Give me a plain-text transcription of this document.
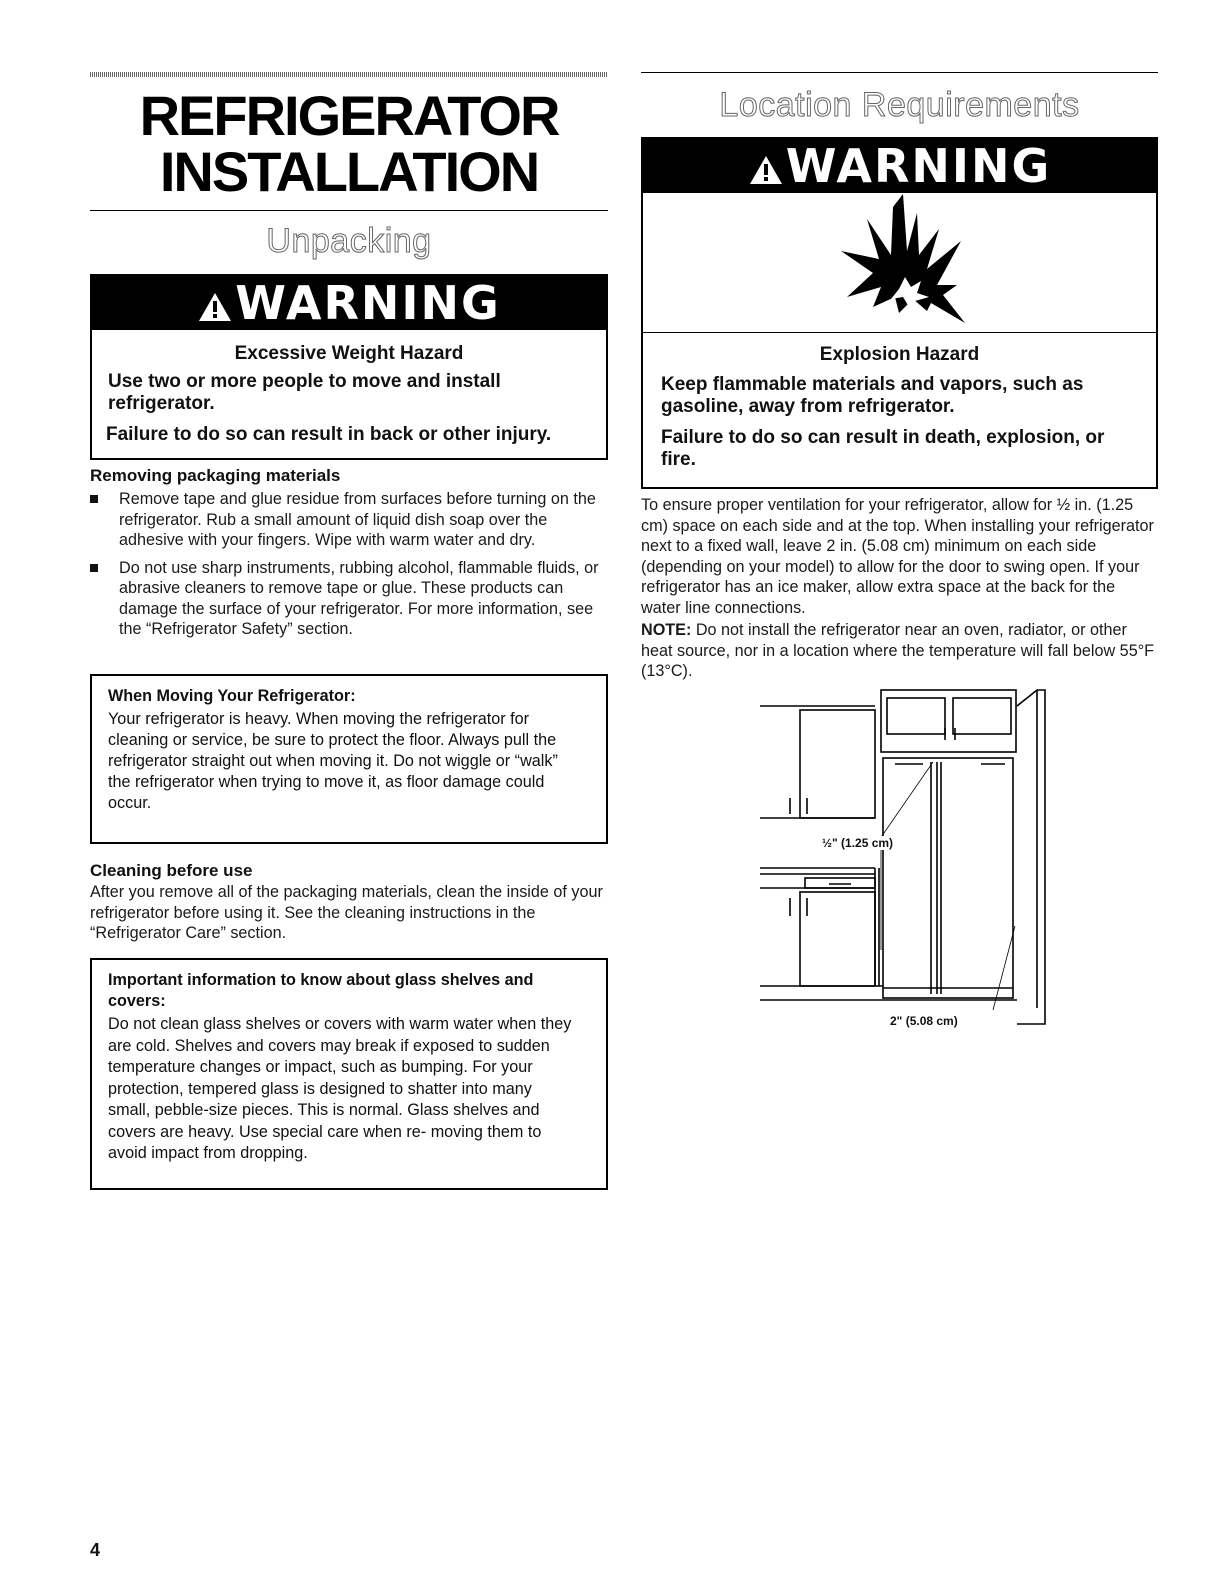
REFRIGERATOR
INSTALLATION
Unpacking
WARNING
Excessive Weight Hazard
Use two or more people to move and install refrigerator.
Failure to do so can result in back or other injury.
Removing packaging materials
Remove tape and glue residue from surfaces before turning on the refrigerator. Rub a small amount of liquid dish soap over the adhesive with your fingers. Wipe with warm water and dry.
Do not use sharp instruments, rubbing alcohol, flammable fluids, or abrasive cleaners to remove tape or glue. These products can damage the surface of your refrigerator. For more information, see the “Refrigerator Safety” section.
When Moving Your Refrigerator:
Your refrigerator is heavy. When moving the refrigerator for cleaning or service, be sure to protect the floor. Always pull the refrigerator straight out when moving it. Do not wiggle or “walk” the refrigerator when trying to move it, as floor damage could occur.
Cleaning before use
After you remove all of the packaging materials, clean the inside of your refrigerator before using it. See the cleaning instructions in the “Refrigerator Care” section.
Important information to know about glass shelves and covers:
Do not clean glass shelves or covers with warm water when they are cold. Shelves and covers may break if exposed to sudden temperature changes or impact, such as bumping. For your protection, tempered glass is designed to shatter into many small, pebble-size pieces. This is normal. Glass shelves and covers are heavy. Use special care when re- moving them to avoid impact from dropping.
4
Location Requirements
WARNING
Explosion Hazard
Keep flammable materials and vapors, such as gasoline, away from refrigerator.
Failure to do so can result in death, explosion, or fire.
To ensure proper ventilation for your refrigerator, allow for ½ in. (1.25 cm) space on each side and at the top. When installing your refrigerator next to a fixed wall, leave 2 in. (5.08 cm) minimum on each side (depending on your model) to allow for the door to swing open. If your refrigerator has an ice maker, allow extra space at the back for the water line connections.
NOTE: Do not install the refrigerator near an oven, radiator, or other heat source, nor in a location where the temperature will fall below 55°F (13°C).
½" (1.25 cm)
2" (5.08 cm)
